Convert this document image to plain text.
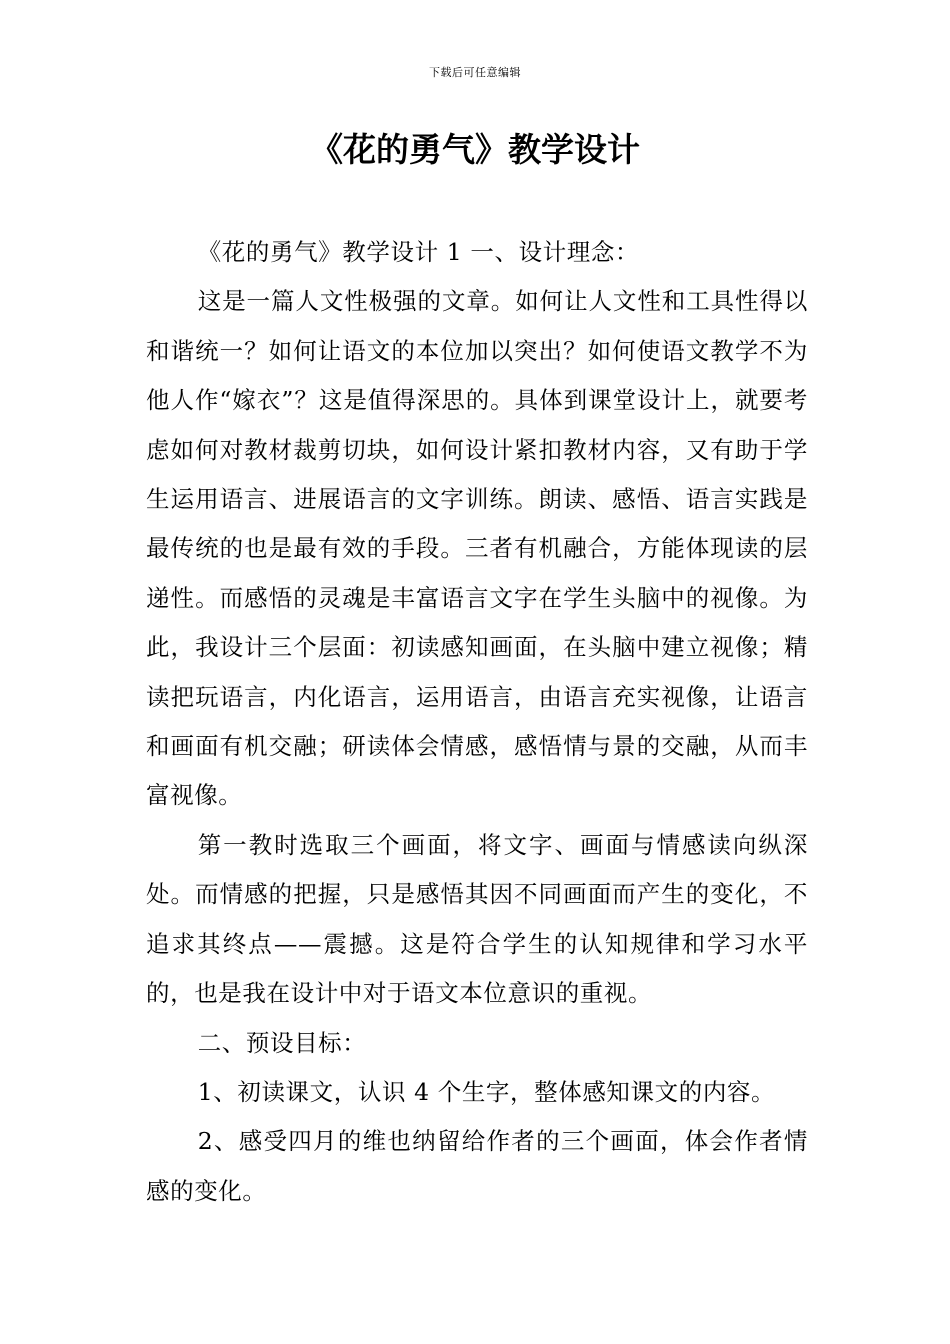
下载后可任意编辑
《花的勇气》教学设计

《花的勇气》教学设计 1 一、设计理念：

这是一篇人文性极强的文章。如何让人文性和工具性得以和谐统一？如何让语文的本位加以突出？如何使语文教学不为他人作“嫁衣”？这是值得深思的。具体到课堂设计上，就要考虑如何对教材裁剪切块，如何设计紧扣教材内容，又有助于学生运用语言、进展语言的文字训练。朗读、感悟、语言实践是最传统的也是最有效的手段。三者有机融合，方能体现读的层递性。而感悟的灵魂是丰富语言文字在学生头脑中的视像。为此，我设计三个层面：初读感知画面，在头脑中建立视像；精读把玩语言，内化语言，运用语言，由语言充实视像，让语言和画面有机交融；研读体会情感，感悟情与景的交融，从而丰富视像。

第一教时选取三个画面，将文字、画面与情感读向纵深处。而情感的把握，只是感悟其因不同画面而产生的变化，不追求其终点——震撼。这是符合学生的认知规律和学习水平的，也是我在设计中对于语文本位意识的重视。

二、预设目标：

1、初读课文，认识 4 个生字，整体感知课文的内容。

2、感受四月的维也纳留给作者的三个画面，体会作者情感的变化。
